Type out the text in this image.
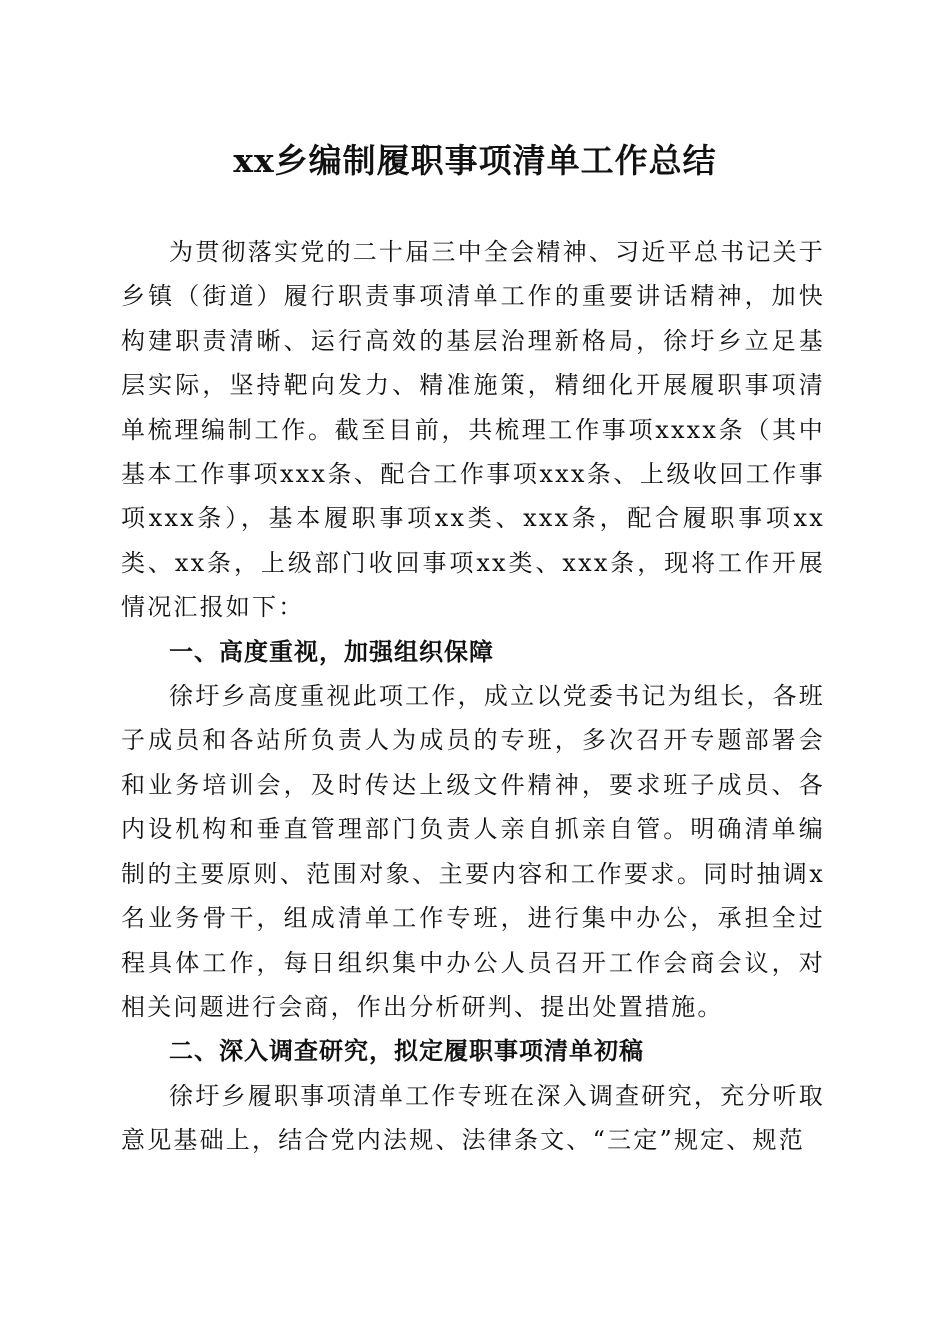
xx乡编制履职事项清单工作总结

为贯彻落实党的二十届三中全会精神、习近平总书记关于乡镇（街道）履行职责事项清单工作的重要讲话精神，加快构建职责清晰、运行高效的基层治理新格局，徐圩乡立足基层实际，坚持靶向发力、精准施策，精细化开展履职事项清单梳理编制工作。截至目前，共梳理工作事项xxxx条（其中基本工作事项xxx条、配合工作事项xxx条、上级收回工作事项xxx条），基本履职事项xx类、xxx条，配合履职事项xx类、xx条，上级部门收回事项xx类、xxx条，现将工作开展情况汇报如下：

一、高度重视，加强组织保障

徐圩乡高度重视此项工作，成立以党委书记为组长，各班子成员和各站所负责人为成员的专班，多次召开专题部署会和业务培训会，及时传达上级文件精神，要求班子成员、各内设机构和垂直管理部门负责人亲自抓亲自管。明确清单编制的主要原则、范围对象、主要内容和工作要求。同时抽调x名业务骨干，组成清单工作专班，进行集中办公，承担全过程具体工作，每日组织集中办公人员召开工作会商会议，对相关问题进行会商，作出分析研判、提出处置措施。

二、深入调查研究，拟定履职事项清单初稿

徐圩乡履职事项清单工作专班在深入调查研究，充分听取意见基础上，结合党内法规、法律条文、“三定”规定、规范
